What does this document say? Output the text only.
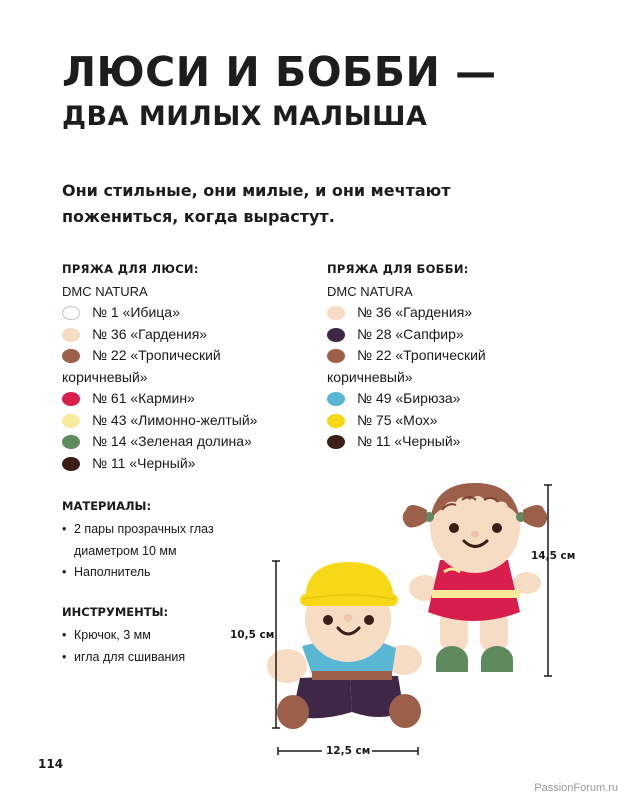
ЛЮСИ И БОББИ —
ДВА МИЛЫХ МАЛЫША
Они стильные, они милые, и они мечтают пожениться, когда вырастут.
ПРЯЖА ДЛЯ ЛЮСИ:
DMC NATURA
№ 1 «Ибица»
№ 36 «Гардения»
№ 22 «Тропический
коричневый»
№ 61 «Кармин»
№ 43 «Лимонно-желтый»
№ 14 «Зеленая долина»
№ 11 «Черный»
ПРЯЖА ДЛЯ БОББИ:
DMC NATURA
№ 36 «Гардения»
№ 28 «Сапфир»
№ 22 «Тропический
коричневый»
№ 49 «Бирюза»
№ 75 «Мох»
№ 11 «Черный»
МАТЕРИАЛЫ:
• 2 пары прозрачных глаз
диаметром 10 мм
• Наполнитель
ИНСТРУМЕНТЫ:
• Крючок, 3 мм
• игла для сшивания
14,5 см
10,5 см
12,5 см
114
PassionForum.ru
